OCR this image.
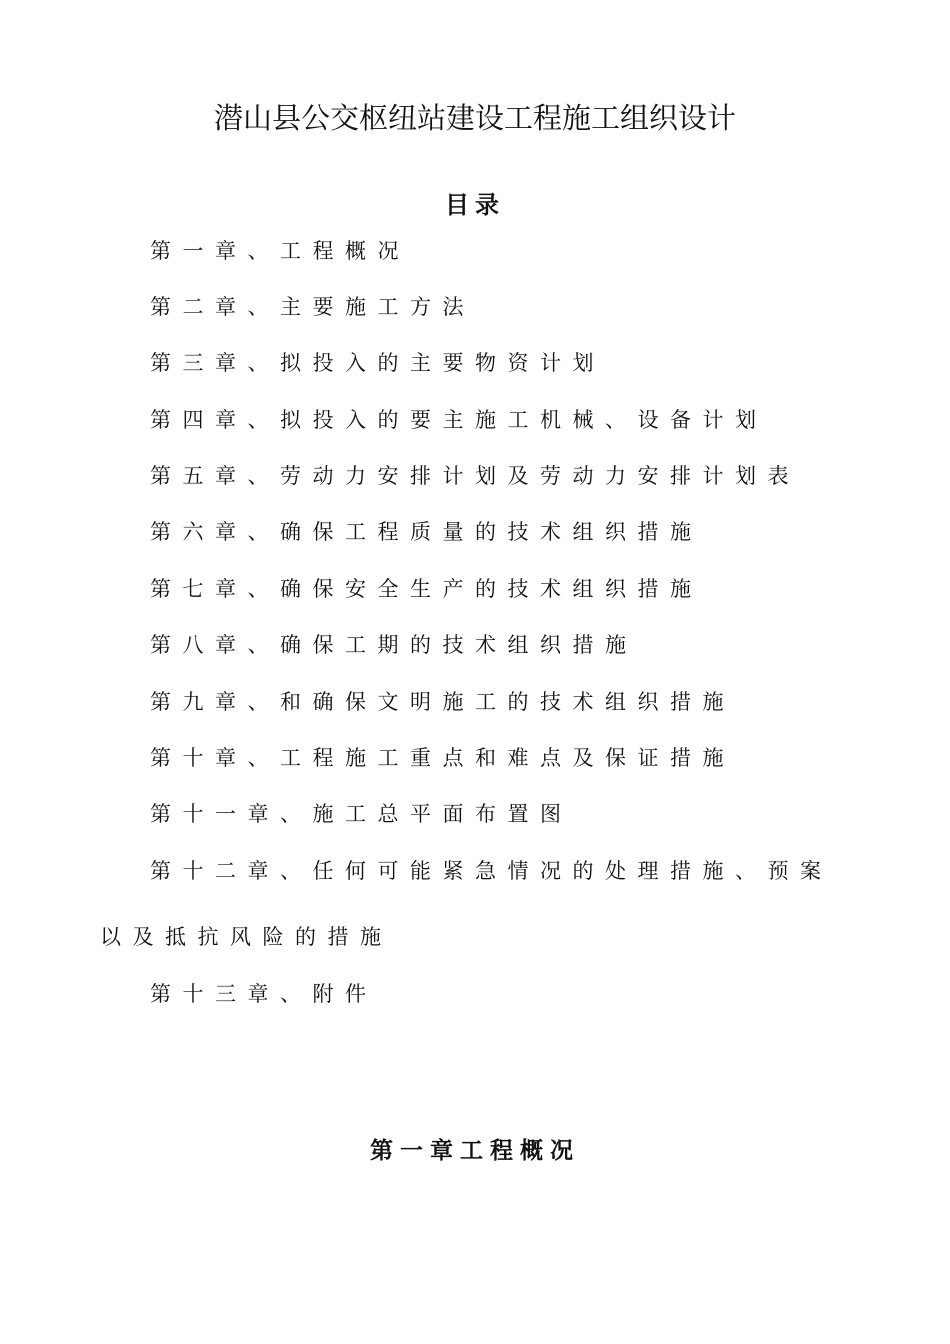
潜山县公交枢纽站建设工程施工组织设计
目录
第一章、工程概况
第二章、主要施工方法
第三章、拟投入的主要物资计划
第四章、拟投入的要主施工机械、设备计划
第五章、劳动力安排计划及劳动力安排计划表
第六章、确保工程质量的技术组织措施
第七章、确保安全生产的技术组织措施
第八章、确保工期的技术组织措施
第九章、和确保文明施工的技术组织措施
第十章、工程施工重点和难点及保证措施
第十一章、施工总平面布置图
第十二章、任何可能紧急情况的处理措施、预案
以及抵抗风险的措施
第十三章、附件
第一章工程概况
